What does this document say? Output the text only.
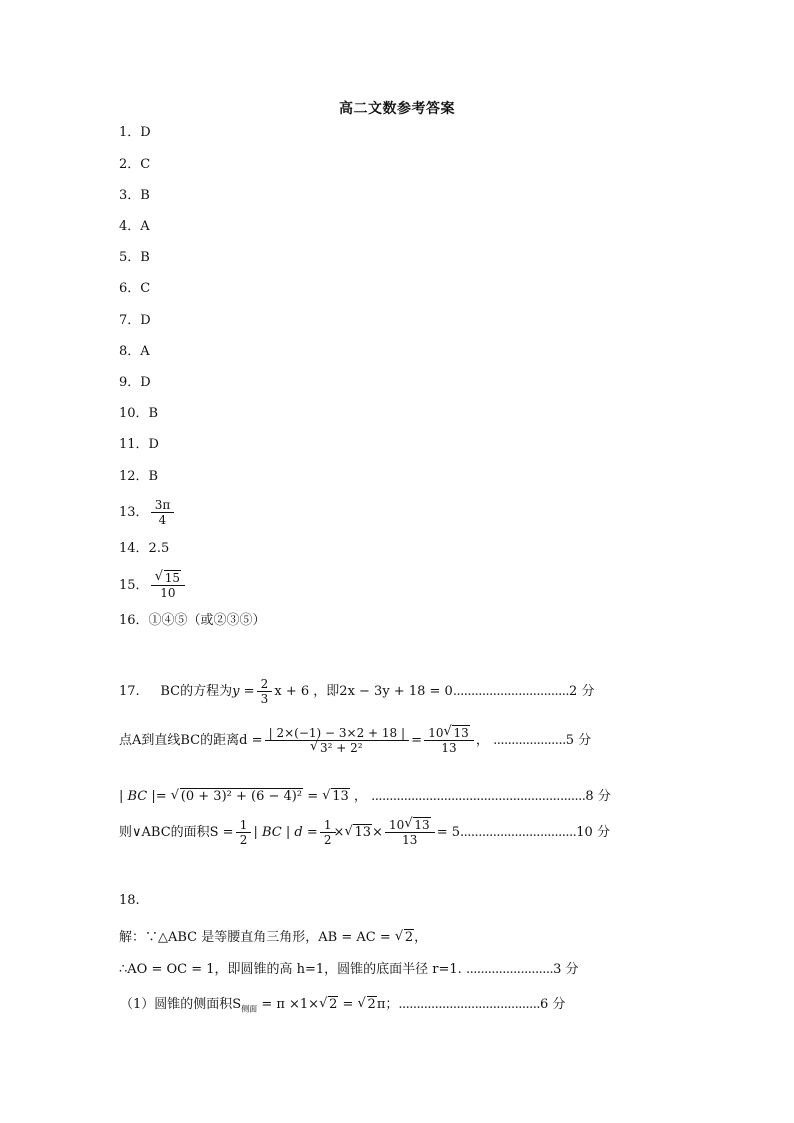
高二文数参考答案
1．D
2．C
3．B
4．A
5．B
6．C
7．D
8．A
9．D
10．B
11．D
12．B
13． $\frac{3\pi}{4}$
14．2.5
15．
√ $\frac{15}{10}$
16．①④⑤（或②③⑤）
17. BC的方程为$y = \frac{2}{3}$ x + 6 ，即2x − 3y + 18 = 0................................2 分
点A到直线BC的距离d = | 2×(−1) − 3×2 + 18 |
√ $3^2 + 2^2 = \frac{10√ 13}{13}$ ， ....................5 分
| BC |= √ (0 + 3)² + (6 − 4)² = √ 13 ， ...........................................................8 分
则∨ABC的面积$S = \frac{1}{2}$ | BC | $d = \frac{1}{2}$ ×√ $13\times \frac{10√ 13}{13} = 5................................10$ 分
18.
解：∵△ABC 是等腰直角三角形，AB = AC = √ 2，
∴AO = OC = 1，即圆锥的高 h=1，圆锥的底面半径 r=1. ........................3 分
（1）圆锥的侧面积$S_{侧面} = \pi \times 1\times√$ 2 = √ 2π；.......................................6 分
